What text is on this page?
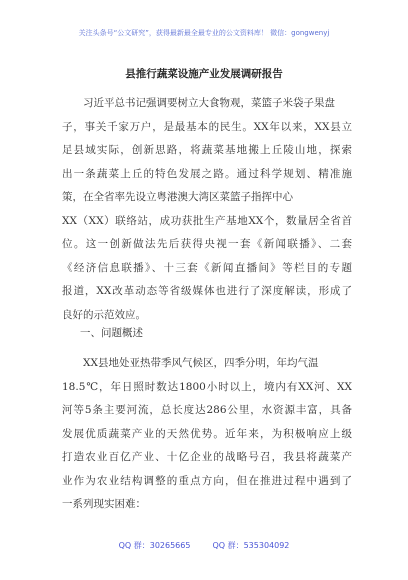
关注头条号“公文研究”，获得最新最全最专业的公文资料库！ 微信：gongwenyj
县推行蔬菜设施产业发展调研报告
习近平总书记强调要树立大食物观，菜篮子米袋子果盘
子，事关千家万户，是最基本的民生。XX年以来，XX县立
足县域实际，创新思路，将蔬菜基地搬上丘陵山地，探索
出一条蔬菜上丘的特色发展之路。通过科学规划、精准施
策，在全省率先设立粤港澳大湾区菜篮子指挥中心
XX（XX）联络站，成功获批生产基地XX个，数量居全省首
位。这一创新做法先后获得央视一套《新闻联播》、二套
《经济信息联播》、十三套《新闻直播间》等栏目的专题
报道，XX改革动态等省级媒体也进行了深度解读，形成了
良好的示范效应。
一、问题概述
XX县地处亚热带季风气候区，四季分明，年均气温
18.5℃，年日照时数达1800小时以上，境内有XX河、XX
河等5条主要河流，总长度达286公里，水资源丰富，具备
发展优质蔬菜产业的天然优势。近年来，为积极响应上级
打造农业百亿产业、十亿企业的战略号召，我县将蔬菜产
业作为农业结构调整的重点方向，但在推进过程中遇到了
一系列现实困难：
QQ 群：30265665	QQ 群：535304092
